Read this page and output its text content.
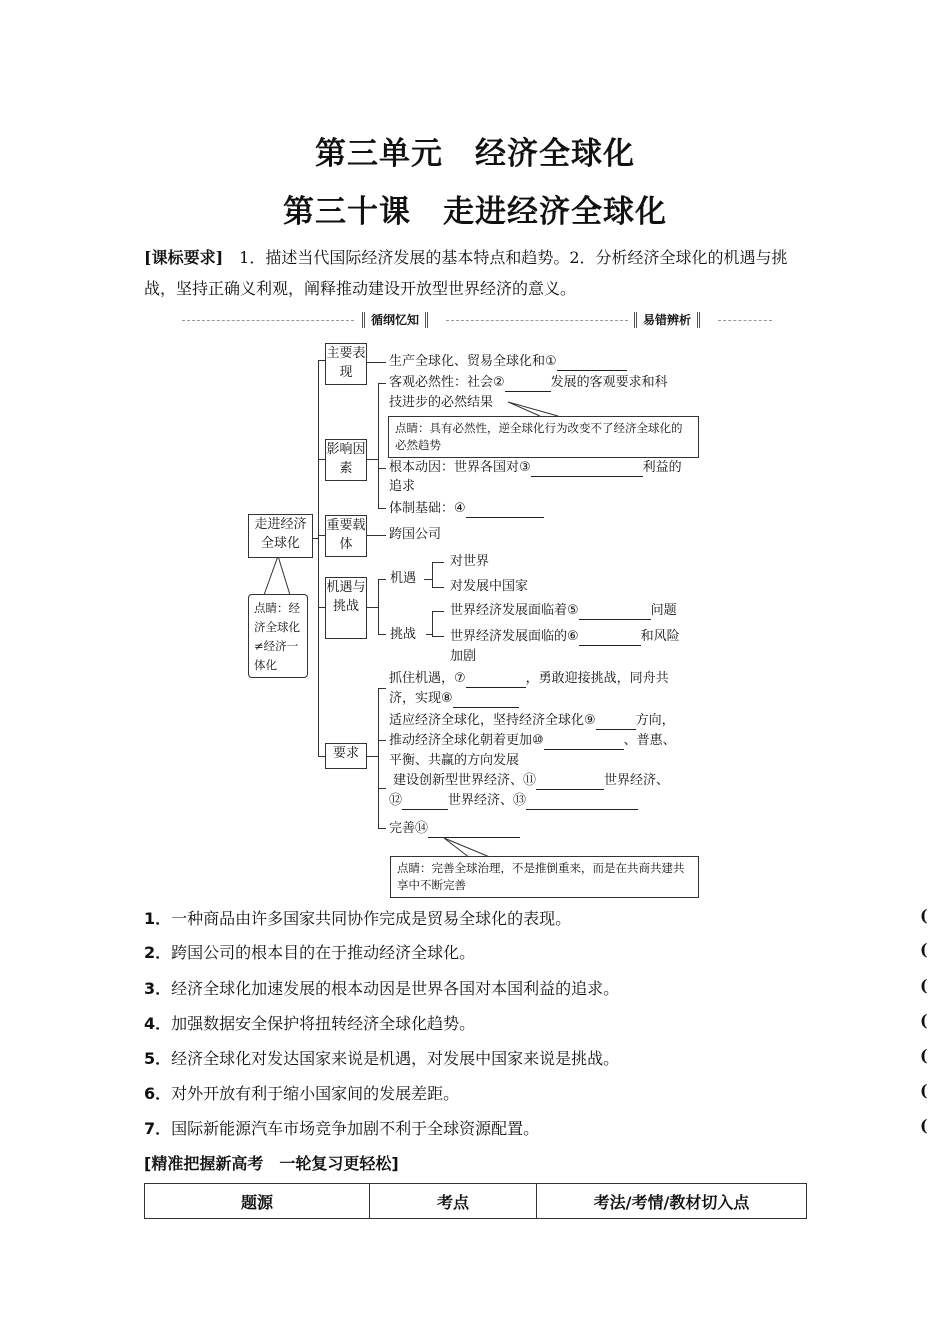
第三单元　经济全球化
第三十课　走进经济全球化
[课标要求]　1．描述当代国际经济发展的基本特点和趋势。2．分析经济全球化的机遇与挑战，坚持正确义利观，阐释推动建设开放型世界经济的意义。
循纲忆知	易错辨析
走进经济全球化
点睛：经济全球化≠经济一体化
主要表现
影响因素
重要载体
机遇与挑战
要求
生产全球化、贸易全球化和①
客观必然性：社会②	发展的客观要求和科
技进步的必然结果
点睛：具有必然性，逆全球化行为改变不了经济全球化的必然趋势
根本动因：世界各国对③	利益的
追求
体制基础：④
跨国公司
机遇
对世界
对发展中国家
挑战
世界经济发展面临着⑤	问题
世界经济发展面临的⑥	和风险
加剧
抓住机遇，⑦	，勇敢迎接挑战，同舟共
济，实现⑧
适应经济全球化，坚持经济全球化⑨	方向，
推动经济全球化朝着更加⑩	、普惠、
平衡、共赢的方向发展
建设创新型世界经济、⑪	世界经济、
⑫	世界经济、⑬
完善⑭
点睛：完善全球治理，不是推倒重来，而是在共商共建共享中不断完善
1．一种商品由许多国家共同协作完成是贸易全球化的表现。	(
2．跨国公司的根本目的在于推动经济全球化。	(
3．经济全球化加速发展的根本动因是世界各国对本国利益的追求。	(
4．加强数据安全保护将扭转经济全球化趋势。	(
5．经济全球化对发达国家来说是机遇，对发展中国家来说是挑战。	(
6．对外开放有利于缩小国家间的发展差距。	(
7．国际新能源汽车市场竞争加剧不利于全球资源配置。	(
[精准把握新高考　一轮复习更轻松]
题源	考点	考法/考情/教材切入点
